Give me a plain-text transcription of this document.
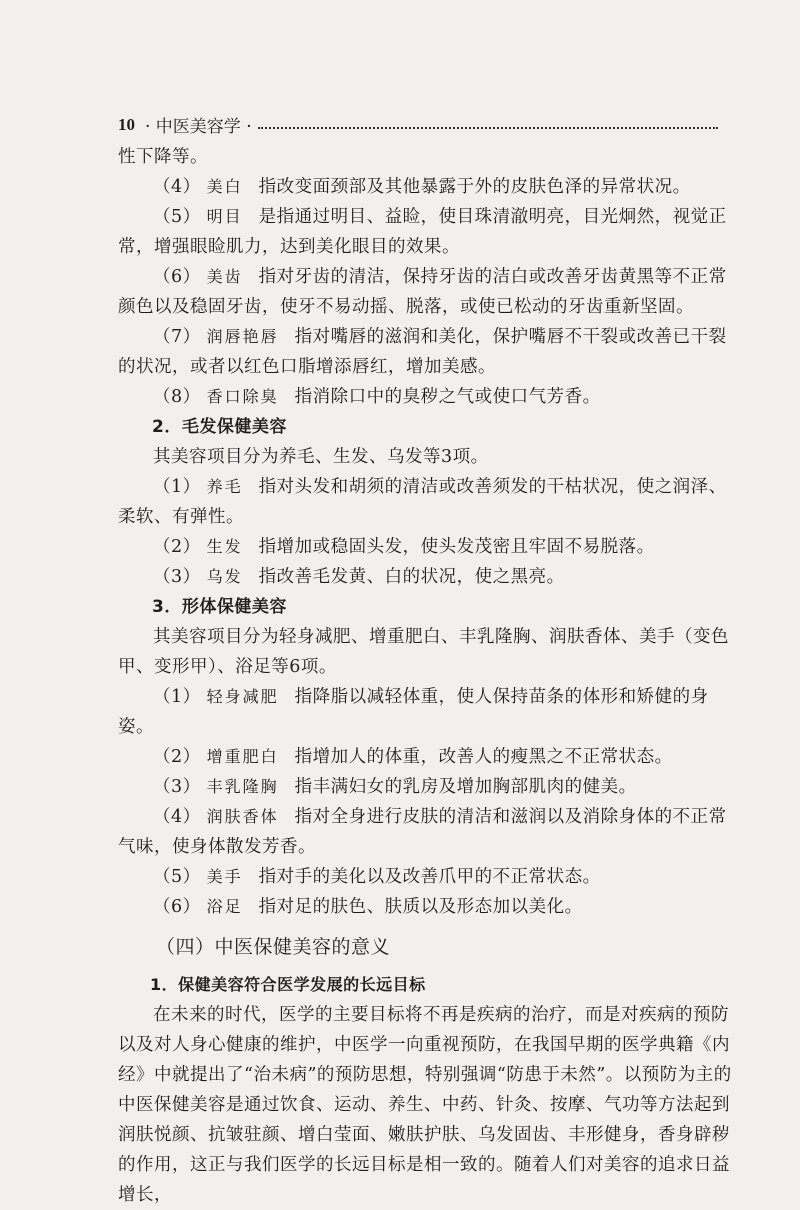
10 · 中医美容学 ·

性下降等。

（4） 美白 指改变面颈部及其他暴露于外的皮肤色泽的异常状况。

（5） 明目 是指通过明目、益睑，使目珠清澈明亮，目光炯然，视觉正常，增强眼睑肌力，达到美化眼目的效果。

（6） 美齿 指对牙齿的清洁，保持牙齿的洁白或改善牙齿黄黑等不正常颜色以及稳固牙齿，使牙不易动摇、脱落，或使已松动的牙齿重新坚固。

（7） 润唇艳唇 指对嘴唇的滋润和美化，保护嘴唇不干裂或改善已干裂的状况，或者以红色口脂增添唇红，增加美感。

（8） 香口除臭 指消除口中的臭秽之气或使口气芳香。

2．毛发保健美容

其美容项目分为养毛、生发、乌发等3项。

（1） 养毛 指对头发和胡须的清洁或改善须发的干枯状况，使之润泽、柔软、有弹性。

（2） 生发 指增加或稳固头发，使头发茂密且牢固不易脱落。

（3） 乌发 指改善毛发黄、白的状况，使之黑亮。

3．形体保健美容

其美容项目分为轻身减肥、增重肥白、丰乳隆胸、润肤香体、美手（变色甲、变形甲）、浴足等6项。

（1） 轻身减肥 指降脂以减轻体重，使人保持苗条的体形和矫健的身姿。

（2） 增重肥白 指增加人的体重，改善人的瘦黑之不正常状态。

（3） 丰乳隆胸 指丰满妇女的乳房及增加胸部肌肉的健美。

（4） 润肤香体 指对全身进行皮肤的清洁和滋润以及消除身体的不正常气味，使身体散发芳香。

（5） 美手 指对手的美化以及改善爪甲的不正常状态。

（6） 浴足 指对足的肤色、肤质以及形态加以美化。

（四）中医保健美容的意义

1．保健美容符合医学发展的长远目标

在未来的时代，医学的主要目标将不再是疾病的治疗，而是对疾病的预防以及对人身心健康的维护，中医学一向重视预防，在我国早期的医学典籍《内经》中就提出了“治未病”的预防思想，特别强调“防患于未然”。以预防为主的中医保健美容是通过饮食、运动、养生、中药、针灸、按摩、气功等方法起到润肤悦颜、抗皱驻颜、增白莹面、嫩肤护肤、乌发固齿、丰形健身，香身辟秽的作用，这正与我们医学的长远目标是相一致的。随着人们对美容的追求日益增长，
